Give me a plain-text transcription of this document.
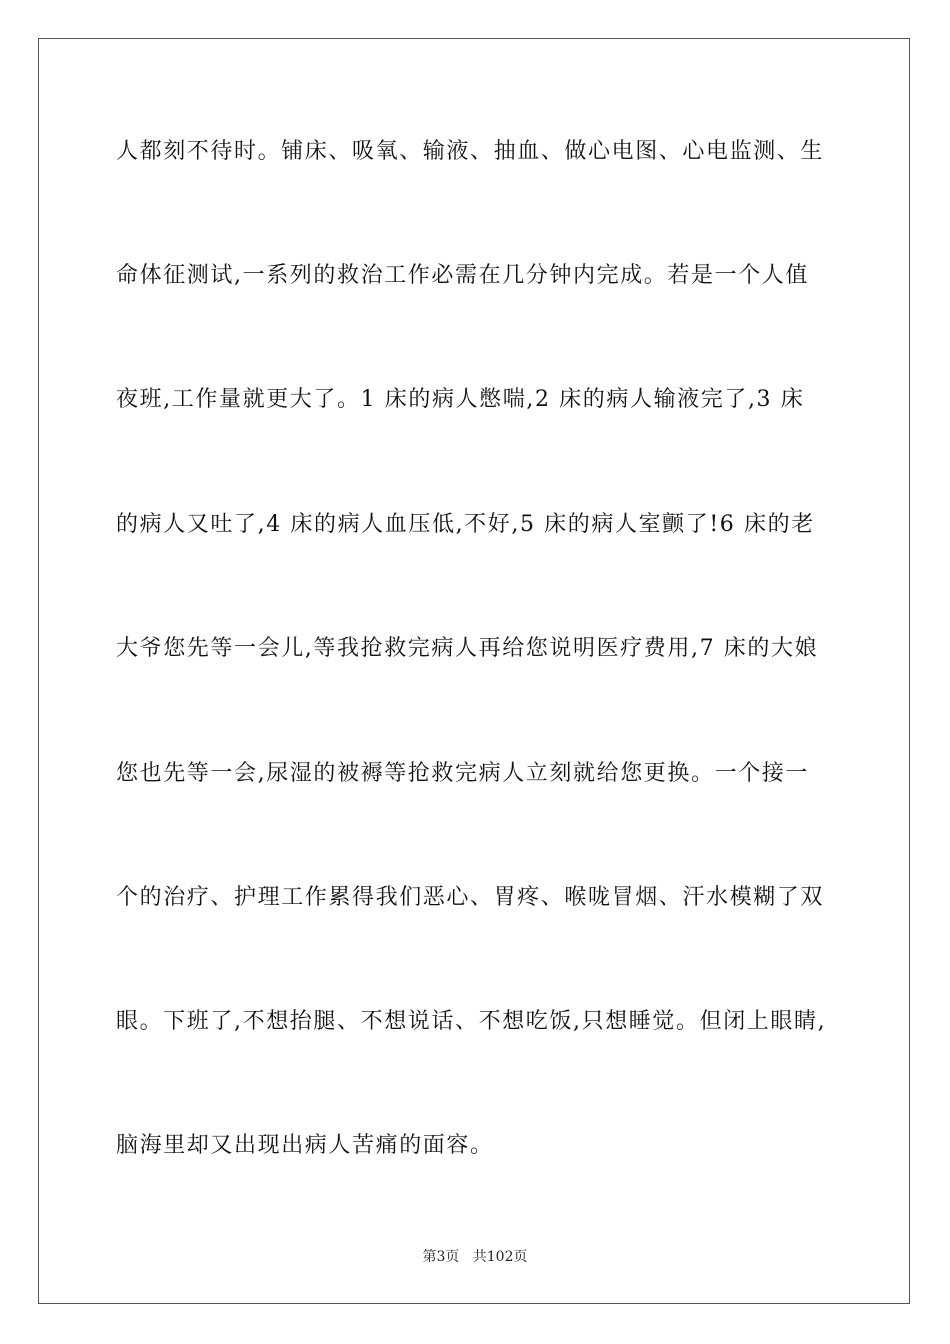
人都刻不待时。铺床、吸氧、输液、抽血、做心电图、心电监测、生
命体征测试,一系列的救治工作必需在几分钟内完成。若是一个人值
夜班,工作量就更大了。1 床的病人憋喘,2 床的病人输液完了,3 床
的病人又吐了,4 床的病人血压低,不好,5 床的病人室颤了!6 床的老
大爷您先等一会儿,等我抢救完病人再给您说明医疗费用,7 床的大娘
您也先等一会,尿湿的被褥等抢救完病人立刻就给您更换。一个接一
个的治疗、护理工作累得我们恶心、胃疼、喉咙冒烟、汗水模糊了双
眼。下班了,不想抬腿、不想说话、不想吃饭,只想睡觉。但闭上眼睛,
脑海里却又出现出病人苦痛的面容。
第3页   共102页
